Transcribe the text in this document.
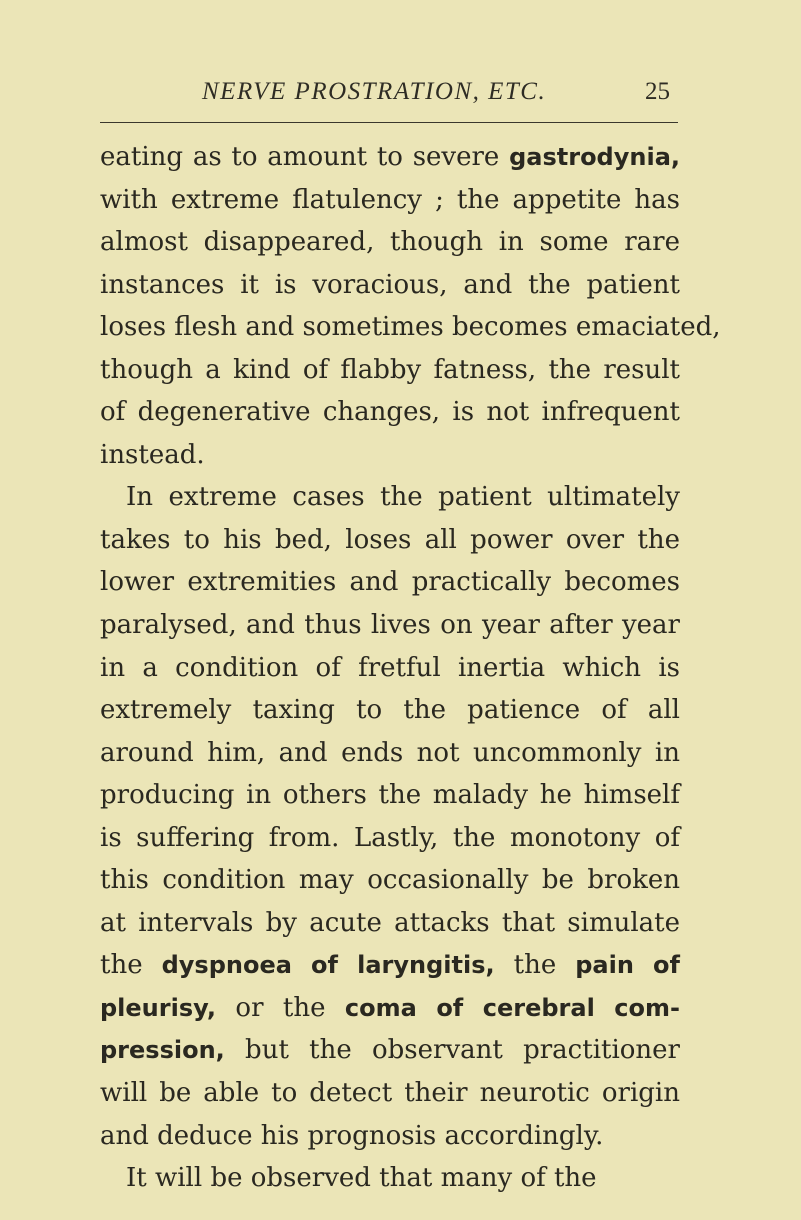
NERVE PROSTRATION, ETC.	25
eating as to amount to severe gastrodynia,
with extreme flatulency ; the appetite has
almost disappeared, though in some rare
instances it is voracious, and the patient
loses flesh and sometimes becomes emaciated,
though a kind of flabby fatness, the result
of degenerative changes, is not infrequent
instead.
In extreme cases the patient ultimately
takes to his bed, loses all power over the
lower extremities and practically becomes
paralysed, and thus lives on year after year
in a condition of fretful inertia which is
extremely taxing to the patience of all
around him, and ends not uncommonly in
producing in others the malady he himself
is suffering from. Lastly, the monotony of
this condition may occasionally be broken
at intervals by acute attacks that simulate
the dyspnoea of laryngitis, the pain of
pleurisy, or the coma of cerebral com-
pression, but the observant practitioner
will be able to detect their neurotic origin
and deduce his prognosis accordingly.
It will be observed that many of the
